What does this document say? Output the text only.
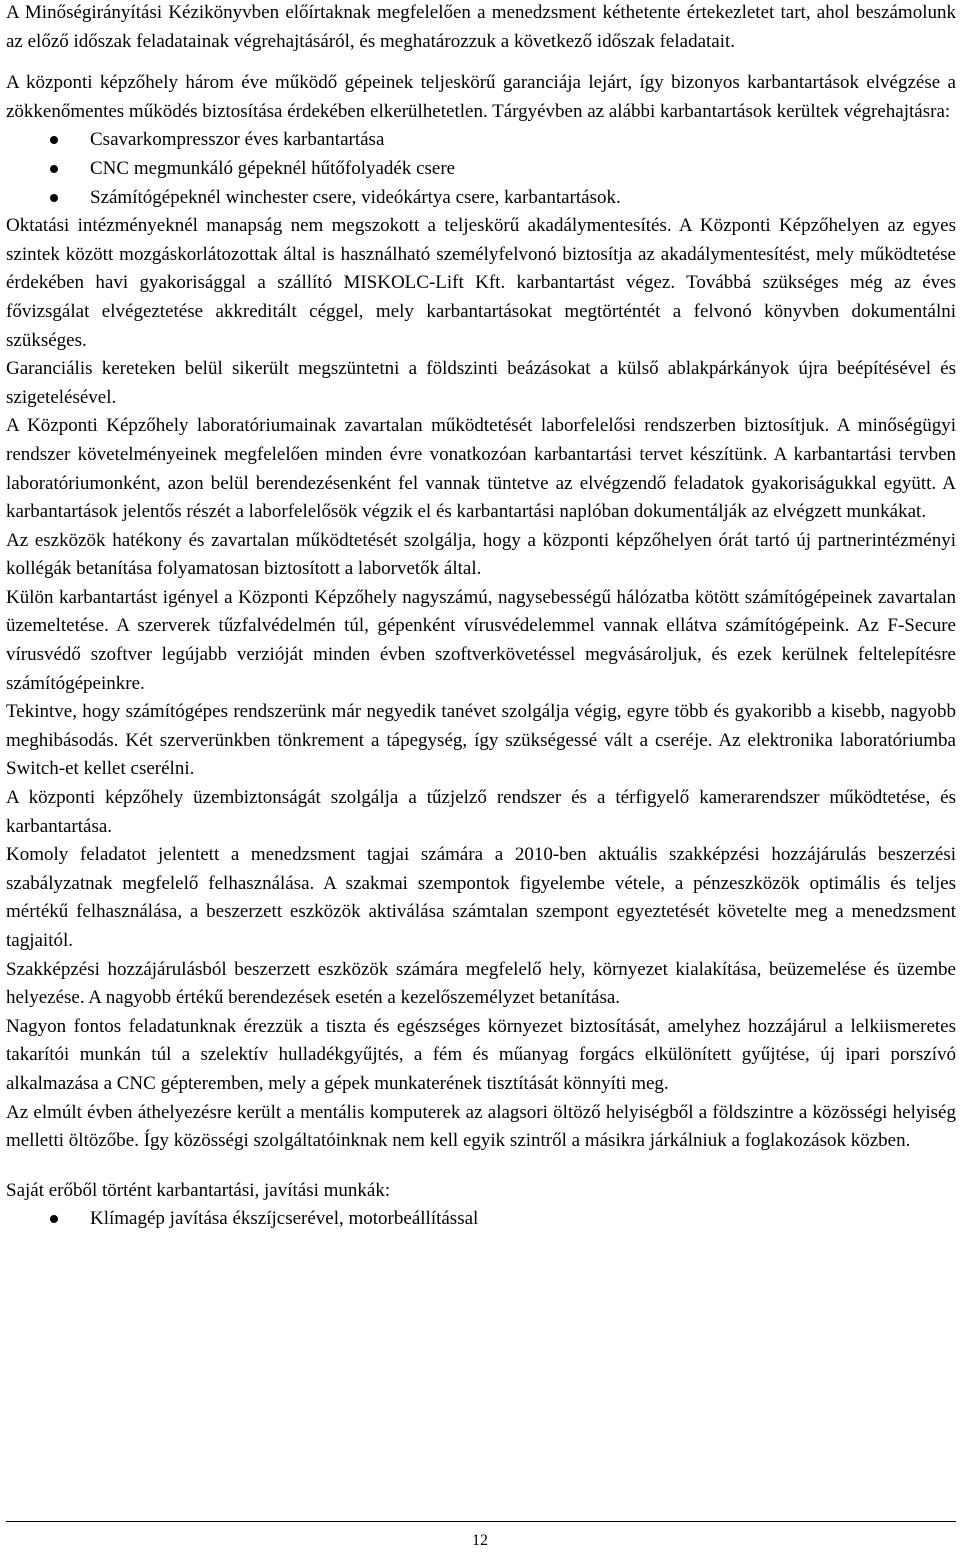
A Minőségirányítási Kézikönyvben előírtaknak megfelelően a menedzsment kéthetente értekezletet tart, ahol beszámolunk az előző időszak feladatainak végrehajtásáról, és meghatározzuk a következő időszak feladatait.

A központi képzőhely három éve működő gépeinek teljeskörű garanciája lejárt, így bizonyos karbantartások elvégzése a zökkenőmentes működés biztosítása érdekében elkerülhetetlen. Tárgyévben az alábbi karbantartások kerültek végrehajtásra:

Csavarkompresszor éves karbantartása
CNC megmunkáló gépeknél hűtőfolyadék csere
Számítógépeknél winchester csere, videókártya csere, karbantartások.

Oktatási intézményeknél manapság nem megszokott a teljeskörű akadálymentesítés. A Központi Képzőhelyen az egyes szintek között mozgáskorlátozottak által is használható személyfelvonó biztosítja az akadálymentesítést, mely működtetése érdekében havi gyakorisággal a szállító MISKOLC-Lift Kft. karbantartást végez. Továbbá szükséges még az éves fővizsgálat elvégeztetése akkreditált céggel, mely karbantartásokat megtörténtét a felvonó könyvben dokumentálni szükséges.

Garanciális kereteken belül sikerült megszüntetni a földszinti beázásokat a külső ablakpárkányok újra beépítésével és szigetelésével.

A Központi Képzőhely laboratóriumainak zavartalan működtetését laborfelelősi rendszerben biztosítjuk. A minőségügyi rendszer követelményeinek megfelelően minden évre vonatkozóan karbantartási tervet készítünk. A karbantartási tervben laboratóriumonként, azon belül berendezésenként fel vannak tüntetve az elvégzendő feladatok gyakoriságukkal együtt. A karbantartások jelentős részét a laborfelelősök végzik el és karbantartási naplóban dokumentálják az elvégzett munkákat.

Az eszközök hatékony és zavartalan működtetését szolgálja, hogy a központi képzőhelyen órát tartó új partnerintézményi kollégák betanítása folyamatosan biztosított a laborvetők által.

Külön karbantartást igényel a Központi Képzőhely nagyszámú, nagysebességű hálózatba kötött számítógépeinek zavartalan üzemeltetése. A szerverek tűzfalvédelmén túl, gépenként vírusvédelemmel vannak ellátva számítógépeink. Az F-Secure vírusvédő szoftver legújabb verzióját minden évben szoftverkövetéssel megvásároljuk, és ezek kerülnek feltelepítésre számítógépeinkre.

Tekintve, hogy számítógépes rendszerünk már negyedik tanévet szolgálja végig, egyre több és gyakoribb a kisebb, nagyobb meghibásodás. Két szerverünkben tönkrement a tápegység, így szükségessé vált a cseréje. Az elektronika laboratóriumba Switch-et kellet cserélni.

A központi képzőhely üzembiztonságát szolgálja a tűzjelző rendszer és a térfigyelő kamerarendszer működtetése, és karbantartása.

Komoly feladatot jelentett a menedzsment tagjai számára a 2010-ben aktuális szakképzési hozzájárulás beszerzési szabályzatnak megfelelő felhasználása. A szakmai szempontok figyelembe vétele, a pénzeszközök optimális és teljes mértékű felhasználása, a beszerzett eszközök aktiválása számtalan szempont egyeztetését követelte meg a menedzsment tagjaitól.

Szakképzési hozzájárulásból beszerzett eszközök számára megfelelő hely, környezet kialakítása, beüzemelése és üzembe helyezése. A nagyobb értékű berendezések esetén a kezelőszemélyzet betanítása.

Nagyon fontos feladatunknak érezzük a tiszta és egészséges környezet biztosítását, amelyhez hozzájárul a lelkiismeretes takarítói munkán túl a szelektív hulladékgyűjtés, a fém és műanyag forgács elkülönített gyűjtése, új ipari porszívó alkalmazása a CNC gépteremben, mely a gépek munkaterének tisztítását könnyíti meg.

Az elmúlt évben áthelyezésre került a mentális komputerek az alagsori öltöző helyiségből a földszintre a közösségi helyiség melletti öltözőbe. Így közösségi szolgáltatóinknak nem kell egyik szintről a másikra járkálniuk a foglakozások közben.

Saját erőből történt karbantartási, javítási munkák:

Klímagép javítása ékszíjcserével, motorbeállítással
12
